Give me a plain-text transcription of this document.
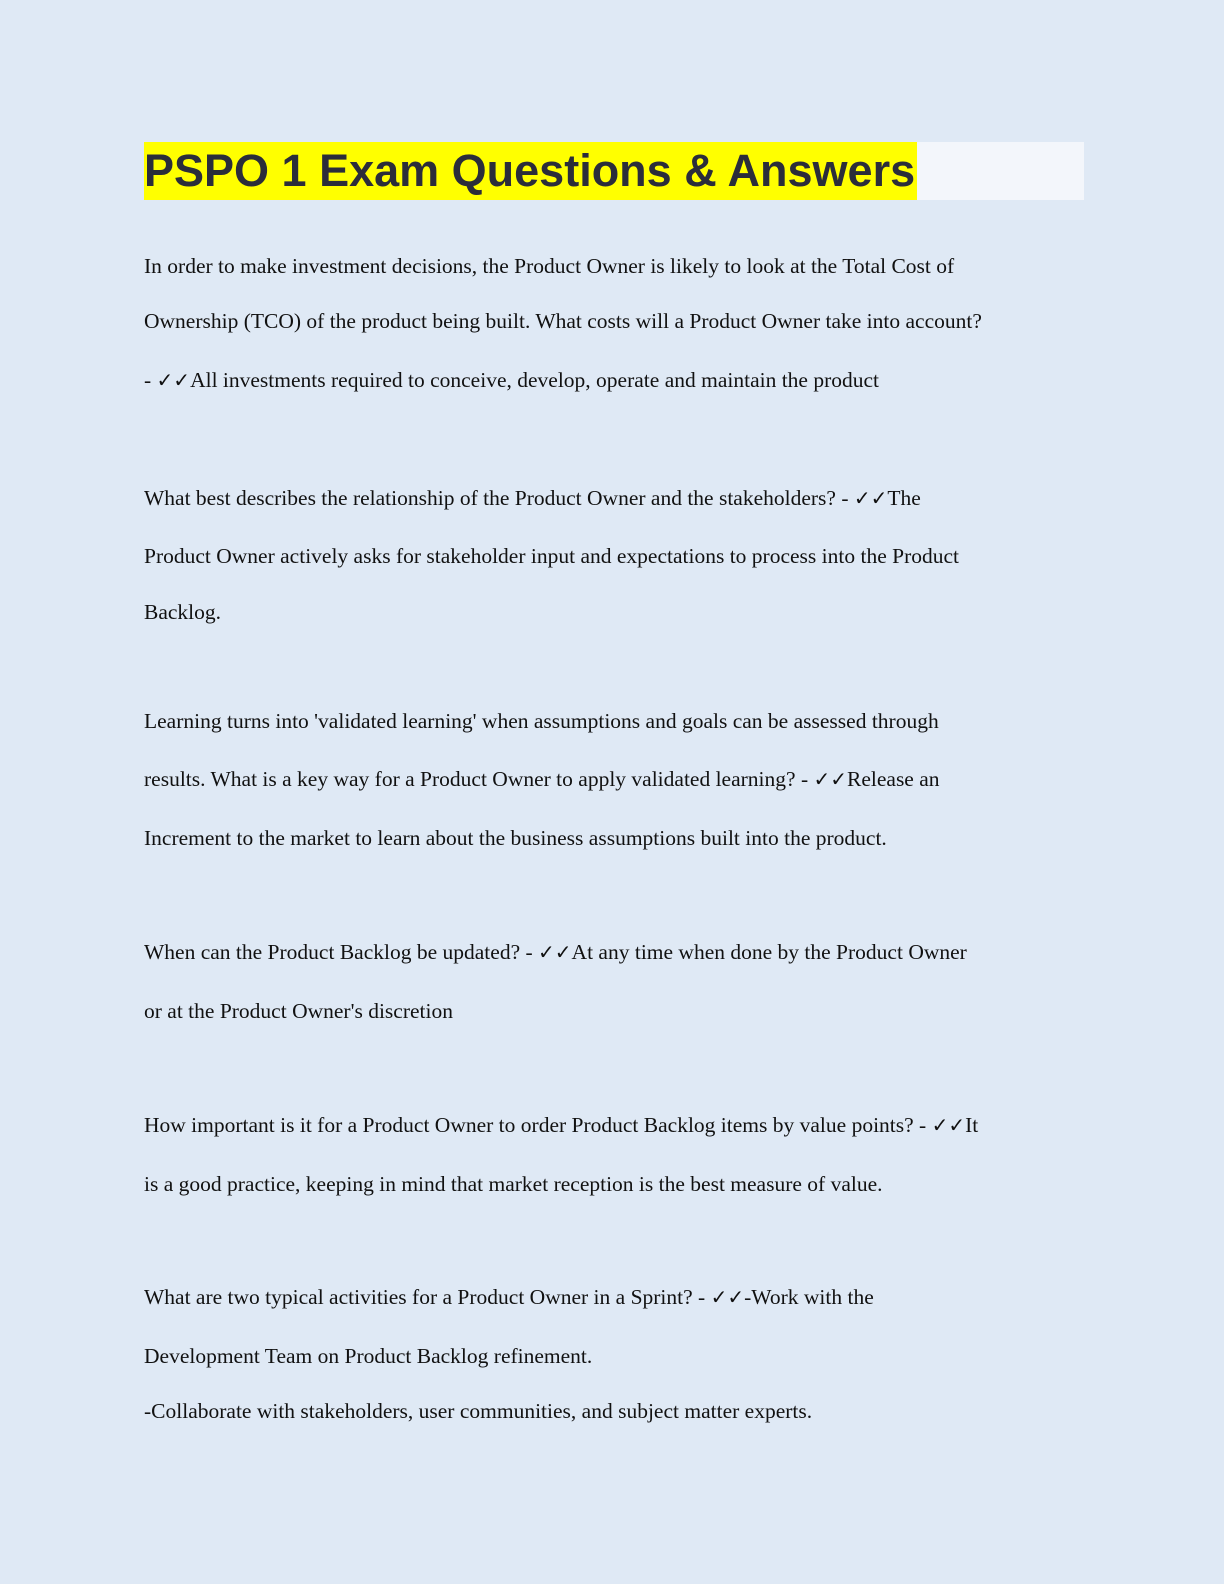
PSPO 1 Exam Questions & Answers
In order to make investment decisions, the Product Owner is likely to look at the Total Cost of
Ownership (TCO) of the product being built. What costs will a Product Owner take into account?
- ✓✓All investments required to conceive, develop, operate and maintain the product
What best describes the relationship of the Product Owner and the stakeholders? - ✓✓The
Product Owner actively asks for stakeholder input and expectations to process into the Product
Backlog.
Learning turns into 'validated learning' when assumptions and goals can be assessed through
results. What is a key way for a Product Owner to apply validated learning? - ✓✓Release an
Increment to the market to learn about the business assumptions built into the product.
When can the Product Backlog be updated? - ✓✓At any time when done by the Product Owner
or at the Product Owner's discretion
How important is it for a Product Owner to order Product Backlog items by value points? - ✓✓It
is a good practice, keeping in mind that market reception is the best measure of value.
What are two typical activities for a Product Owner in a Sprint? - ✓✓-Work with the
Development Team on Product Backlog refinement.
-Collaborate with stakeholders, user communities, and subject matter experts.
